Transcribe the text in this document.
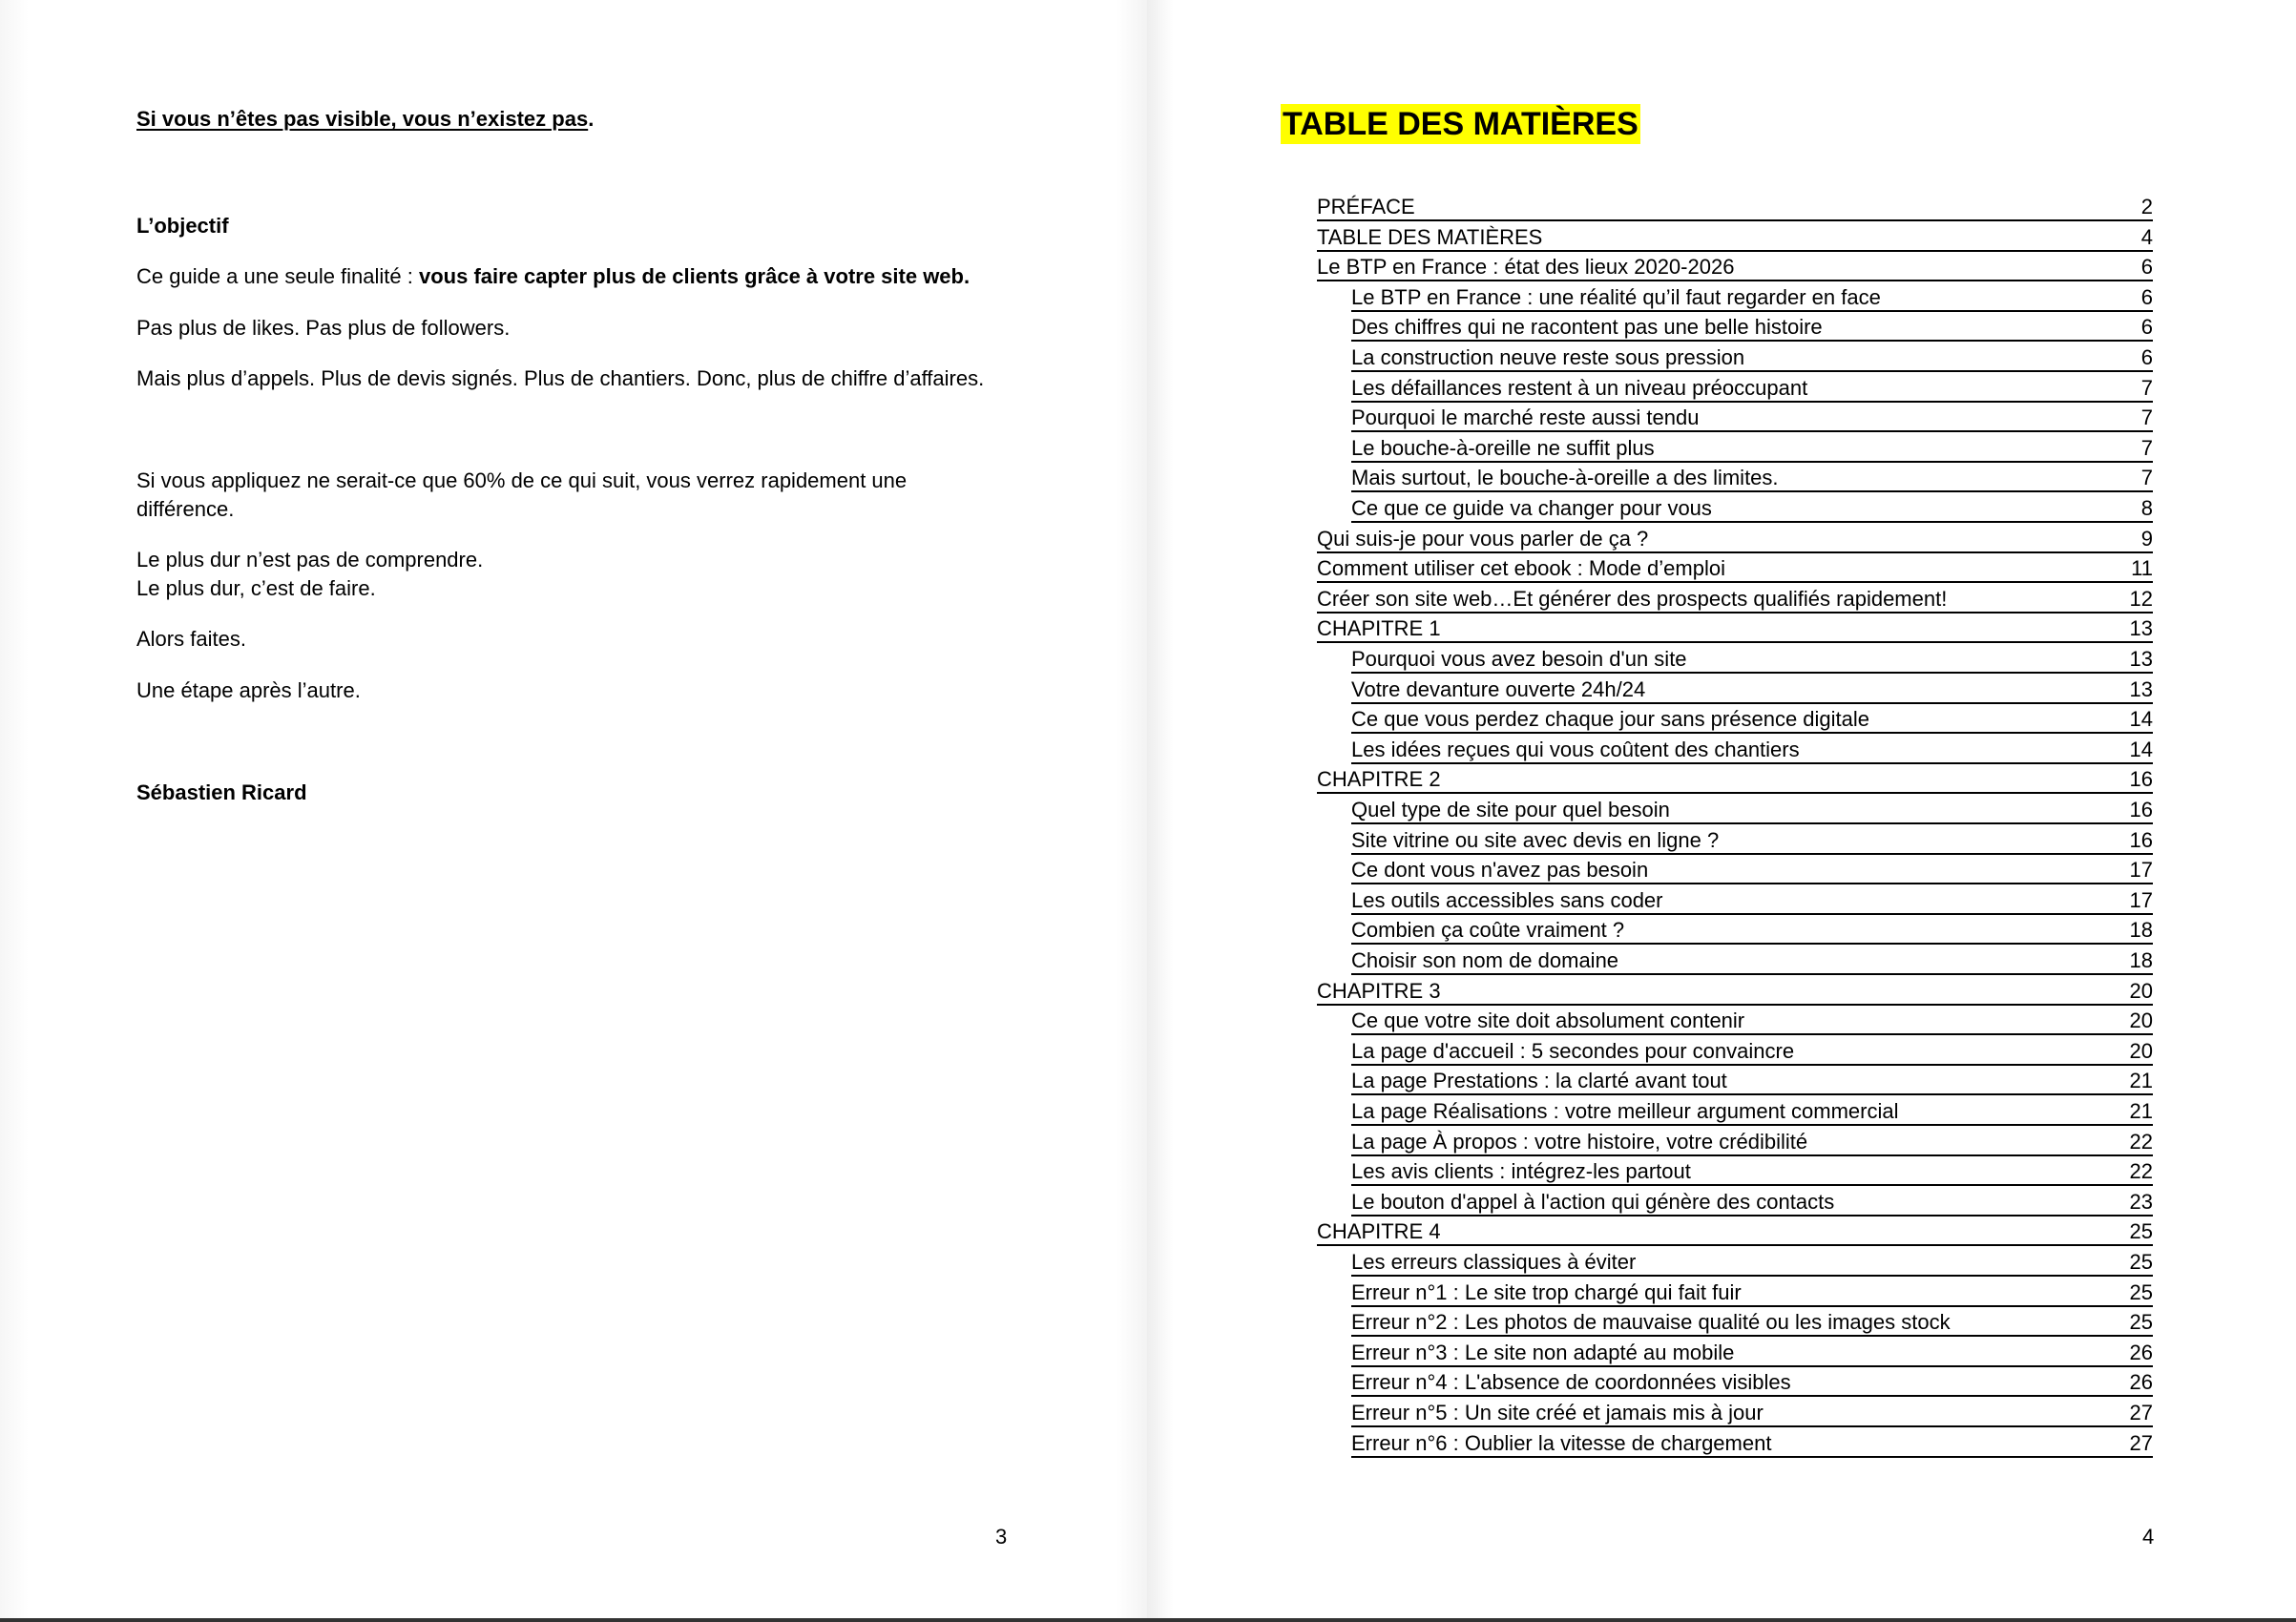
Si vous n’êtes pas visible, vous n’existez pas.

L’objectif

Ce guide a une seule finalité : vous faire capter plus de clients grâce à votre site web.

Pas plus de likes. Pas plus de followers.

Mais plus d’appels. Plus de devis signés. Plus de chantiers. Donc, plus de chiffre d’affaires.

Si vous appliquez ne serait-ce que 60% de ce qui suit, vous verrez rapidement une différence.

Le plus dur n’est pas de comprendre.

Le plus dur, c’est de faire.

Alors faites.

Une étape après l’autre.

Sébastien Ricard

3
TABLE DES MATIÈRES
PRÉFACE	2
TABLE DES MATIÈRES	4
Le BTP en France : état des lieux 2020-2026	6
Le BTP en France : une réalité qu’il faut regarder en face	6
Des chiffres qui ne racontent pas une belle histoire	6
La construction neuve reste sous pression	6
Les défaillances restent à un niveau préoccupant	7
Pourquoi le marché reste aussi tendu	7
Le bouche-à-oreille ne suffit plus	7
Mais surtout, le bouche-à-oreille a des limites.	7
Ce que ce guide va changer pour vous	8
Qui suis-je pour vous parler de ça ?	9
Comment utiliser cet ebook : Mode d’emploi	11
Créer son site web…Et générer des prospects qualifiés rapidement!	12
CHAPITRE 1	13
Pourquoi vous avez besoin d'un site	13
Votre devanture ouverte 24h/24	13
Ce que vous perdez chaque jour sans présence digitale	14
Les idées reçues qui vous coûtent des chantiers	14
CHAPITRE 2	16
Quel type de site pour quel besoin	16
Site vitrine ou site avec devis en ligne ?	16
Ce dont vous n'avez pas besoin	17
Les outils accessibles sans coder	17
Combien ça coûte vraiment ?	18
Choisir son nom de domaine	18
CHAPITRE 3	20
Ce que votre site doit absolument contenir	20
La page d'accueil : 5 secondes pour convaincre	20
La page Prestations : la clarté avant tout	21
La page Réalisations : votre meilleur argument commercial	21
La page À propos : votre histoire, votre crédibilité	22
Les avis clients : intégrez-les partout	22
Le bouton d'appel à l'action qui génère des contacts	23
CHAPITRE 4	25
Les erreurs classiques à éviter	25
Erreur n°1 : Le site trop chargé qui fait fuir	25
Erreur n°2 : Les photos de mauvaise qualité ou les images stock	25
Erreur n°3 : Le site non adapté au mobile	26
Erreur n°4 : L'absence de coordonnées visibles	26
Erreur n°5 : Un site créé et jamais mis à jour	27
Erreur n°6 : Oublier la vitesse de chargement	27
4
